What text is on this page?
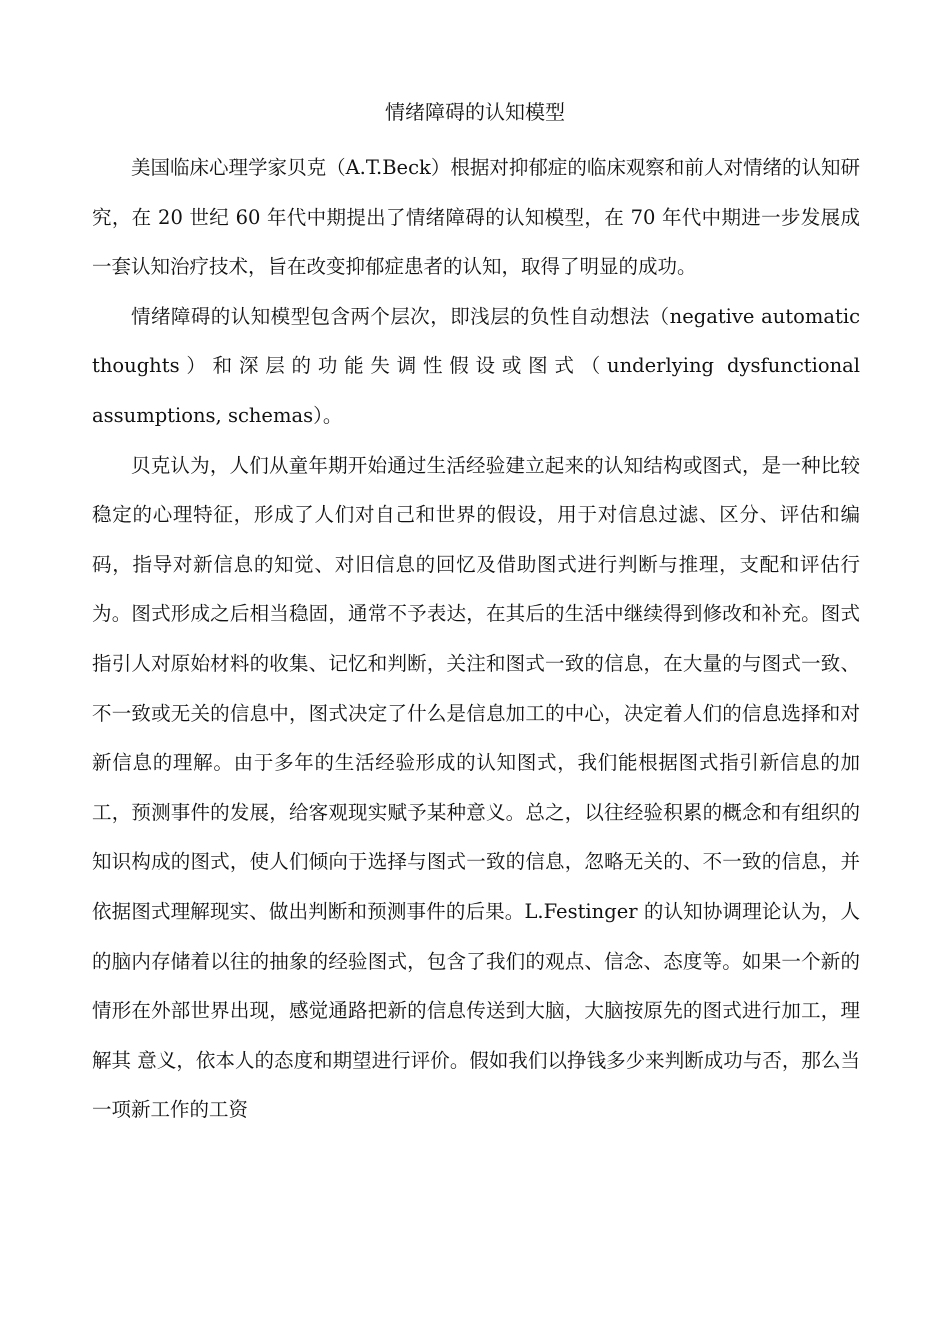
情绪障碍的认知模型

美国临床心理学家贝克（A.T.Beck）根据对抑郁症的临床观察和前人对情绪的认知研究，在 20 世纪 60 年代中期提出了情绪障碍的认知模型，在 70 年代中期进一步发展成一套认知治疗技术，旨在改变抑郁症患者的认知，取得了明显的成功。

情绪障碍的认知模型包含两个层次，即浅层的负性自动想法（negative automatic thoughts）和深层的功能失调性假设或图式（underlying dysfunctional assumptions, schemas）。

贝克认为，人们从童年期开始通过生活经验建立起来的认知结构或图式，是一种比较稳定的心理特征，形成了人们对自己和世界的假设，用于对信息过滤、区分、评估和编码，指导对新信息的知觉、对旧信息的回忆及借助图式进行判断与推理，支配和评估行为。图式形成之后相当稳固，通常不予表达，在其后的生活中继续得到修改和补充。图式指引人对原始材料的收集、记忆和判断，关注和图式一致的信息，在大量的与图式一致、不一致或无关的信息中，图式决定了什么是信息加工的中心，决定着人们的信息选择和对新信息的理解。由于多年的生活经验形成的认知图式，我们能根据图式指引新信息的加工，预测事件的发展，给客观现实赋予某种意义。总之，以往经验积累的概念和有组织的知识构成的图式，使人们倾向于选择与图式一致的信息，忽略无关的、不一致的信息，并依据图式理解现实、做出判断和预测事件的后果。L.Festinger 的认知协调理论认为，人的脑内存储着以往的抽象的经验图式，包含了我们的观点、信念、态度等。如果一个新的情形在外部世界出现，感觉通路把新的信息传送到大脑，大脑按原先的图式进行加工，理解其 意义，依本人的态度和期望进行评价。假如我们以挣钱多少来判断成功与否，那么当一项新工作的工资
